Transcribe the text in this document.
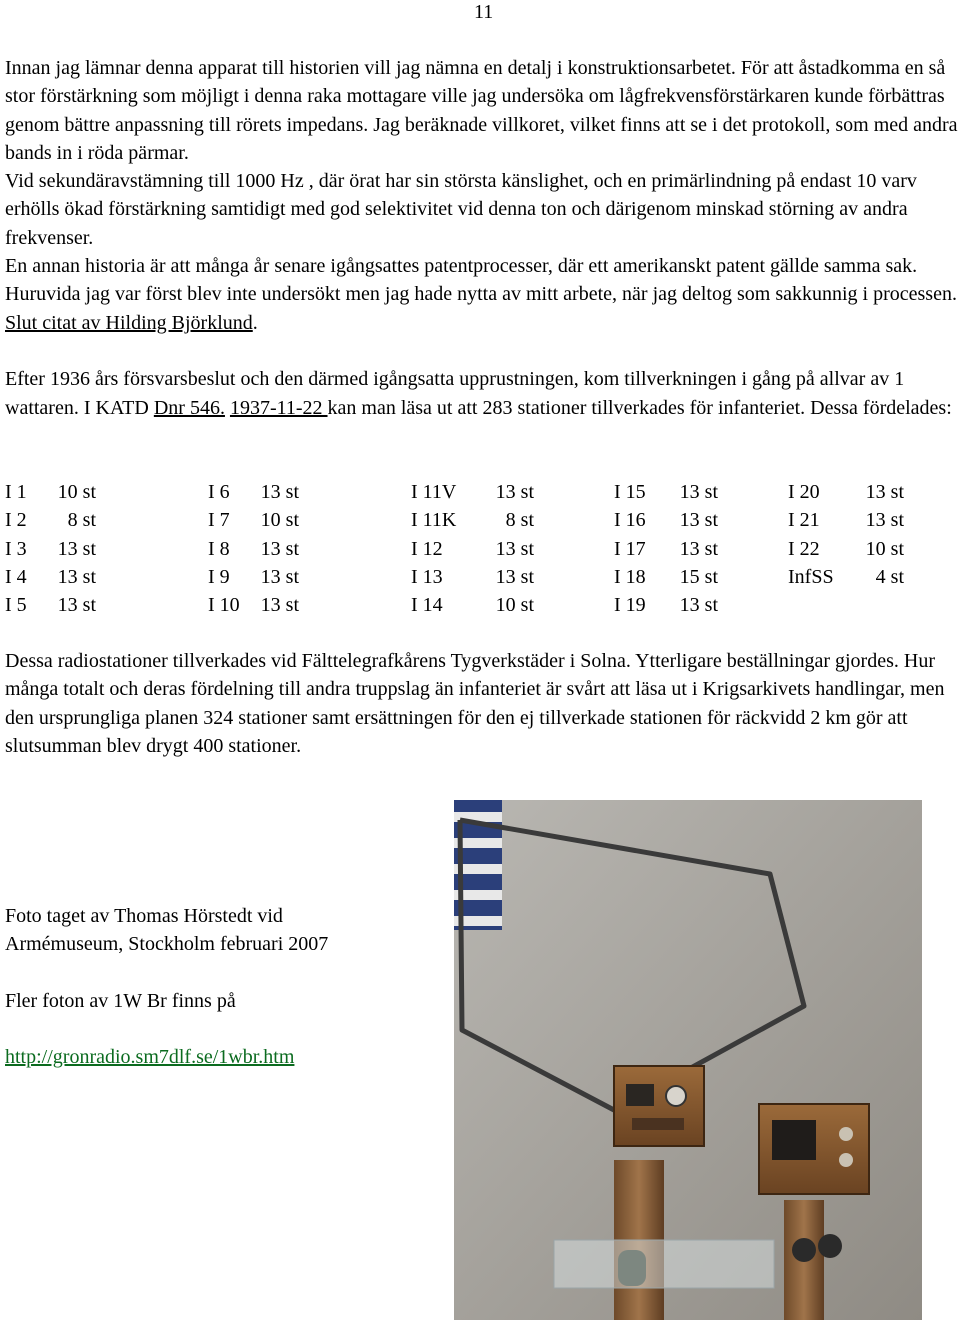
11

Innan jag lämnar denna apparat till historien vill jag nämna en detalj i konstruktionsarbetet. För att åstadkomma en så stor förstärkning som möjligt i denna raka mottagare ville jag undersöka om lågfrekvensförstärkaren kunde förbättras genom bättre anpassning till rörets impedans. Jag beräknade villkoret, vilket finns att se i det protokoll, som med andra bands in i röda pärmar.

Vid sekundäravstämning till 1000 Hz , där örat har sin största känslighet, och en primärlindning på endast 10 varv erhölls ökad förstärkning samtidigt med god selektivitet vid denna ton och därigenom minskad störning av andra frekvenser.

En annan historia är att många år senare igångsattes patentprocesser, där ett amerikanskt patent gällde samma sak. Huruvida jag var först blev inte undersökt men jag hade nytta av mitt arbete, när jag deltog som sakkunnig i processen.

Slut citat av Hilding Björklund.

Efter 1936 års försvarsbeslut och den därmed igångsatta upprustningen, kom tillverkningen i gång på allvar av 1 wattaren. I KATD Dnr 546. 1937-11-22 kan man läsa ut att 283 stationer tillverkades för infanteriet. Dessa fördelades:

I 1 10 st	I 6 13 st	I 11V 13 st	I 15 13 st	I 20 13 st
I 2 8 st	I 7 10 st	I 11K 8 st	I 16 13 st	I 21 13 st
I 3 13 st	I 8 13 st	I 12	13 st	I 17 13 st	I 22 10 st
I 4 13 st	I 9 13 st	I 13	13 st	I 18 15 st	InfSS 4 st
I 5 13 st	I 10 13 st	I 14	10 st	I 19 13 st

Dessa radiostationer tillverkades vid Fälttelegrafkårens Tygverkstäder i Solna. Ytterligare beställningar gjordes. Hur många totalt och deras fördelning till andra truppslag än infanteriet är svårt att läsa ut i Krigsarkivets handlingar, men den ursprungliga planen 324 stationer samt ersättningen för den ej tillverkade stationen för räckvidd 2 km gör att slutsumman blev drygt 400 stationer.

Foto taget av Thomas Hörstedt vid
Armémuseum, Stockholm februari 2007
Fler foton av 1W Br finns på
http://gronradio.sm7dlf.se/1wbr.htm
